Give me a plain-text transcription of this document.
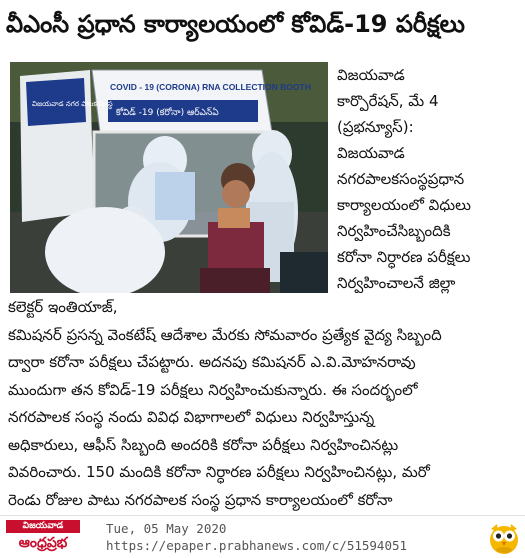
వీఎంసీ ప్రధాన కార్యాలయంలో కోవిడ్-19 పరీక్షలు
COVID - 19 (CORONA) RNA COLLECTION BOOTH
కోవిడ్ -19 (కరోనా) ఆర్ఎన్ఏ
విజయవాడ నగర పాలక సంస్థ

విజయవాడ

కార్పొరేషన్, మే 4

(ప్రభన్యూస్):

విజయవాడ

నగరపాలకసంస్థప్రధాన

కార్యాలయంలో విధులు

నిర్వహించేసిబ్బందికి

కరోనా నిర్ధారణ పరీక్షలు

నిర్వహించాలనే జిల్లా

కలెక్టర్ ఇంతియాజ్,

కమిషనర్ ప్రసన్న వెంకటేష్ ఆదేశాల మేరకు సోమవారం ప్రత్యేక వైద్య సిబ్బంది

ద్వారా కరోనా పరీక్షలు చేపట్టారు. అదనపు కమిషనర్ ఎ.వి.మోహనరావు

ముందుగా తన కోవిడ్-19 పరీక్షలు నిర్వహించుకున్నారు. ఈ సందర్భంలో

నగరపాలక సంస్థ నందు వివిధ విభాగాలలో విధులు నిర్వహిస్తున్న

అధికారులు, ఆఫీస్ సిబ్బంది అందరికి కరోనా పరీక్షలు నిర్వహించినట్లు

వివరించారు. 150 మందికి కరోనా నిర్ధారణ పరీక్షలు నిర్వహించినట్లు, మరో

రెండు రోజుల పాటు నగరపాలక సంస్థ ప్రధాన కార్యాలయంలో కరోనా

విజయవాడ
ఆంధ్రప్రభ
Tue, 05 May 2020
https://epaper.prabhanews.com/c/51594051
